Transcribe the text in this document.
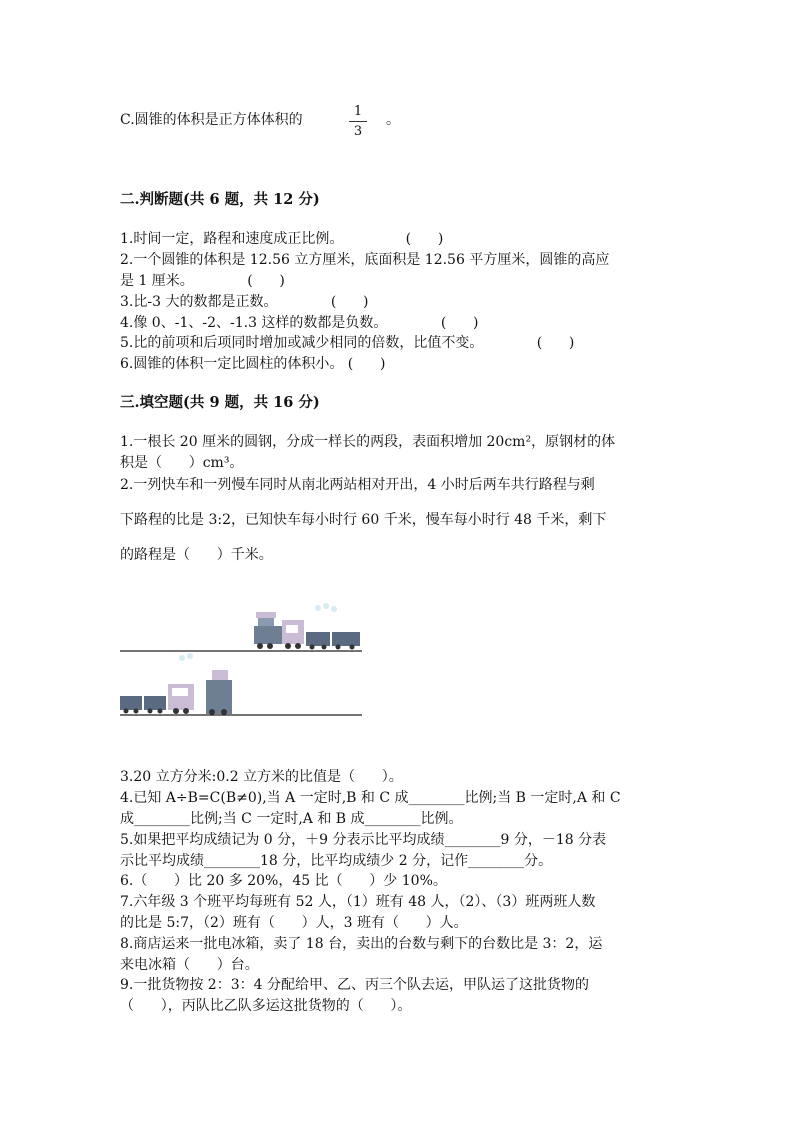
C.圆锥的体积是正方体体积的
1
3
。
二.判断题(共 6 题，共 12 分)
1.时间一定，路程和速度成正比例。              (      )
2.一个圆锥的体积是 12.56 立方厘米，底面积是 12.56 平方厘米，圆锥的高应
是 1 厘米。            (      )
3.比-3 大的数都是正数。            (      )
4.像 0、-1、-2、-1.3 这样的数都是负数。            (      )
5.比的前项和后项同时增加或减少相同的倍数，比值不变。            (      )
6.圆锥的体积一定比圆柱的体积小。 (      )
三.填空题(共 9 题，共 16 分)
1.一根长 20 厘米的圆钢，分成一样长的两段，表面积增加 20cm²，原钢材的体
积是（      ）cm³。
2.一列快车和一列慢车同时从南北两站相对开出，4 小时后两车共行路程与剩
下路程的比是 3:2，已知快车每小时行 60 千米，慢车每小时行 48 千米，剩下
的路程是（      ）千米。
3.20 立方分米:0.2 立方米的比值是（      ）。
4.已知 A÷B=C(B≠0),当 A 一定时,B 和 C 成________比例;当 B 一定时,A 和 C
成________比例;当 C 一定时,A 和 B 成________比例。
5.如果把平均成绩记为 0 分，＋9 分表示比平均成绩________9 分，－18 分表
示比平均成绩________18 分，比平均成绩少 2 分，记作________分。
6.（      ）比 20 多 20%，45 比（      ）少 10%。
7.六年级 3 个班平均每班有 52 人，（1）班有 48 人，（2）、（3）班两班人数
的比是 5:7，（2）班有（      ）人，3 班有（      ）人。
8.商店运来一批电冰箱，卖了 18 台，卖出的台数与剩下的台数比是 3：2，运
来电冰箱（      ）台。
9.一批货物按 2：3：4 分配给甲、乙、丙三个队去运，甲队运了这批货物的
（      ），丙队比乙队多运这批货物的（      ）。
